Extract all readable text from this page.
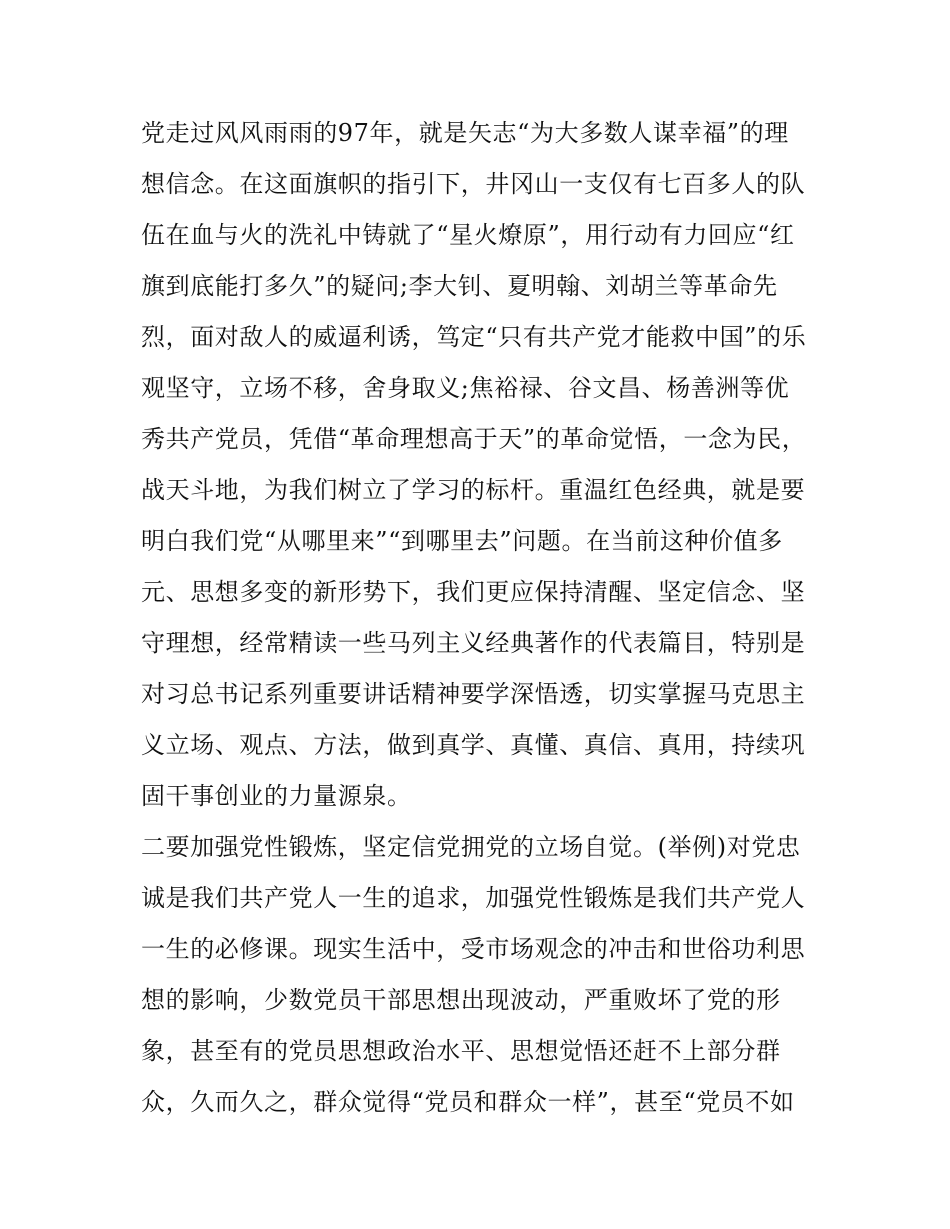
党走过风风雨雨的97年，就是矢志“为大多数人谋幸福”的理
想信念。在这面旗帜的指引下，井冈山一支仅有七百多人的队
伍在血与火的洗礼中铸就了“星火燎原”，用行动有力回应“红
旗到底能打多久”的疑问;李大钊、夏明翰、刘胡兰等革命先
烈，面对敌人的威逼利诱，笃定“只有共产党才能救中国”的乐
观坚守，立场不移，舍身取义;焦裕禄、谷文昌、杨善洲等优
秀共产党员，凭借“革命理想高于天”的革命觉悟，一念为民，
战天斗地，为我们树立了学习的标杆。重温红色经典，就是要
明白我们党“从哪里来”“到哪里去”问题。在当前这种价值多
元、思想多变的新形势下，我们更应保持清醒、坚定信念、坚
守理想，经常精读一些马列主义经典著作的代表篇目，特别是
对习总书记系列重要讲话精神要学深悟透，切实掌握马克思主
义立场、观点、方法，做到真学、真懂、真信、真用，持续巩
固干事创业的力量源泉。
二要加强党性锻炼，坚定信党拥党的立场自觉。(举例)对党忠
诚是我们共产党人一生的追求，加强党性锻炼是我们共产党人
一生的必修课。现实生活中，受市场观念的冲击和世俗功利思
想的影响，少数党员干部思想出现波动，严重败坏了党的形
象，甚至有的党员思想政治水平、思想觉悟还赶不上部分群
众，久而久之，群众觉得“党员和群众一样”，甚至“党员不如
